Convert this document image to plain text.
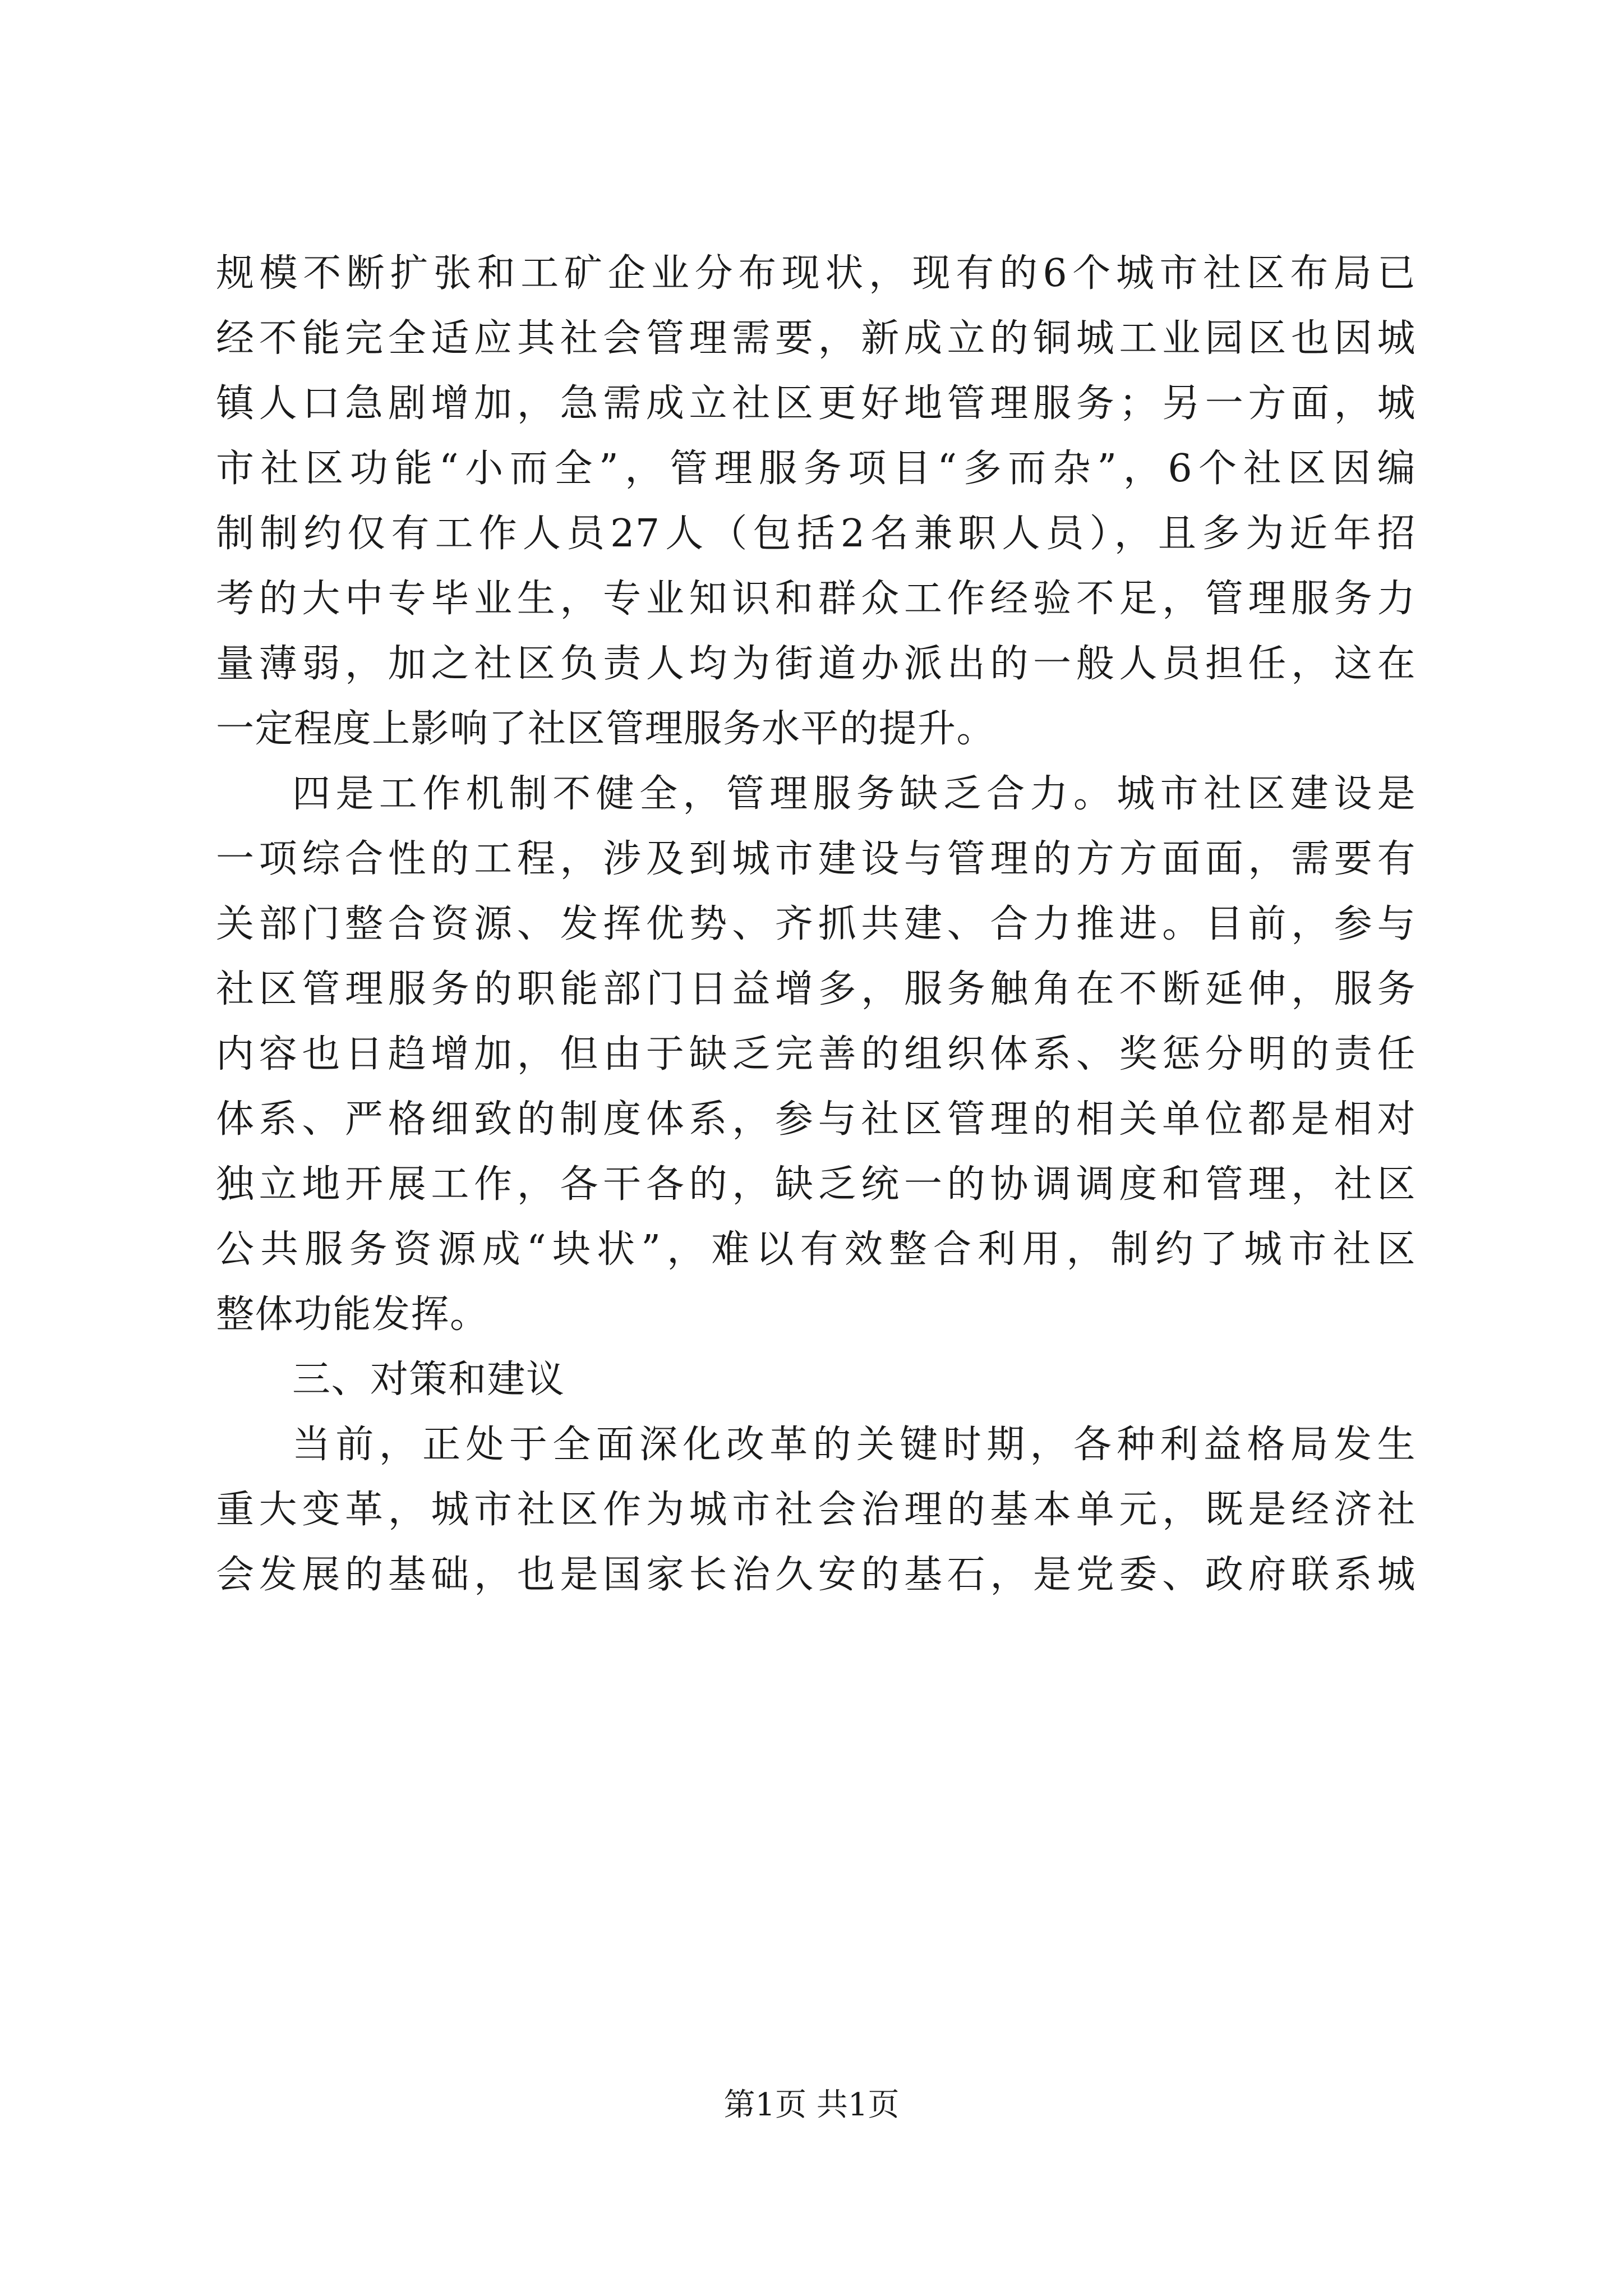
规模不断扩张和工矿企业分布现状，现有的6个城市社区布局已
经不能完全适应其社会管理需要，新成立的铜城工业园区也因城
镇人口急剧增加，急需成立社区更好地管理服务；另一方面，城
市社区功能“小而全”，管理服务项目“多而杂”，6个社区因编
制制约仅有工作人员27人（包括2名兼职人员），且多为近年招
考的大中专毕业生，专业知识和群众工作经验不足，管理服务力
量薄弱，加之社区负责人均为街道办派出的一般人员担任，这在
一定程度上影响了社区管理服务水平的提升。
四是工作机制不健全，管理服务缺乏合力。城市社区建设是
一项综合性的工程，涉及到城市建设与管理的方方面面，需要有
关部门整合资源、发挥优势、齐抓共建、合力推进。目前，参与
社区管理服务的职能部门日益增多，服务触角在不断延伸，服务
内容也日趋增加，但由于缺乏完善的组织体系、奖惩分明的责任
体系、严格细致的制度体系，参与社区管理的相关单位都是相对
独立地开展工作，各干各的，缺乏统一的协调调度和管理，社区
公共服务资源成“块状”，难以有效整合利用，制约了城市社区
整体功能发挥。
三、对策和建议
当前，正处于全面深化改革的关键时期，各种利益格局发生
重大变革，城市社区作为城市社会治理的基本单元，既是经济社
会发展的基础，也是国家长治久安的基石，是党委、政府联系城
第1页 共1页
